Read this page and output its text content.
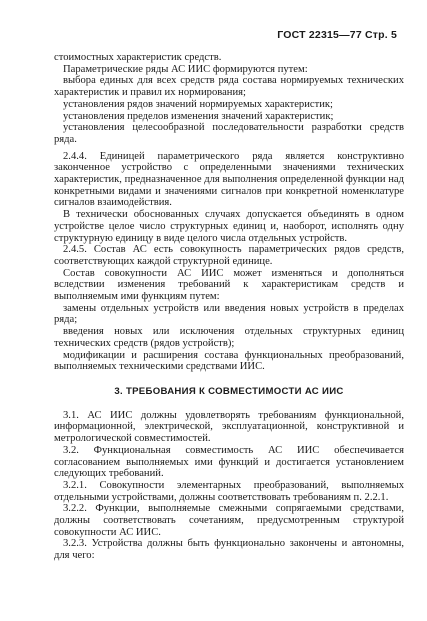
ГОСТ 22315—77 Стр. 5

стоимостных характеристик средств.

Параметрические ряды АС ИИС формируются путем:

выбора единых для всех средств ряда состава нормируемых технических характеристик и правил их нормирования;

установления рядов значений нормируемых характеристик;

установления пределов изменения значений характеристик;

установления целесообразной последовательности разработки средств ряда.

2.4.4. Единицей параметрического ряда является конструктивно законченное устройство с определенными значениями технических характеристик, предназначенное для выполнения определенной функции над конкретными видами и значениями сигналов при конкретной номенклатуре сигналов взаимодействия.

В технически обоснованных случаях допускается объединять в одном устройстве целое число структурных единиц и, наоборот, исполнять одну структурную единицу в виде целого числа отдельных устройств.

2.4.5. Состав АС есть совокупность параметрических рядов средств, соответствующих каждой структурной единице.

Состав совокупности АС ИИС может изменяться и дополняться вследствии изменения требований к характеристикам средств и выполняемым ими функциям путем:

замены отдельных устройств или введения новых устройств в пределах ряда;

введения новых или исключения отдельных структурных единиц технических средств (рядов устройств);

модификации и расширения состава функциональных преобразований, выполняемых техническими средствами ИИС.

3. ТРЕБОВАНИЯ К СОВМЕСТИМОСТИ АС ИИС

3.1. АС ИИС должны удовлетворять требованиям функциональной, информационной, электрической, эксплуатационной, конструктивной и метрологической совместимостей.

3.2. Функциональная совместимость АС ИИС обеспечивается согласованием выполняемых ими функций и достигается установлением следующих требований.

3.2.1. Совокупности элементарных преобразований, выполняемых отдельными устройствами, должны соответствовать требованиям п. 2.2.1.

3.2.2. Функции, выполняемые смежными сопрягаемыми средствами, должны соответствовать сочетаниям, предусмотренным структурой совокупности АС ИИС.

3.2.3. Устройства должны быть функционально закончены и автономны, для чего:
